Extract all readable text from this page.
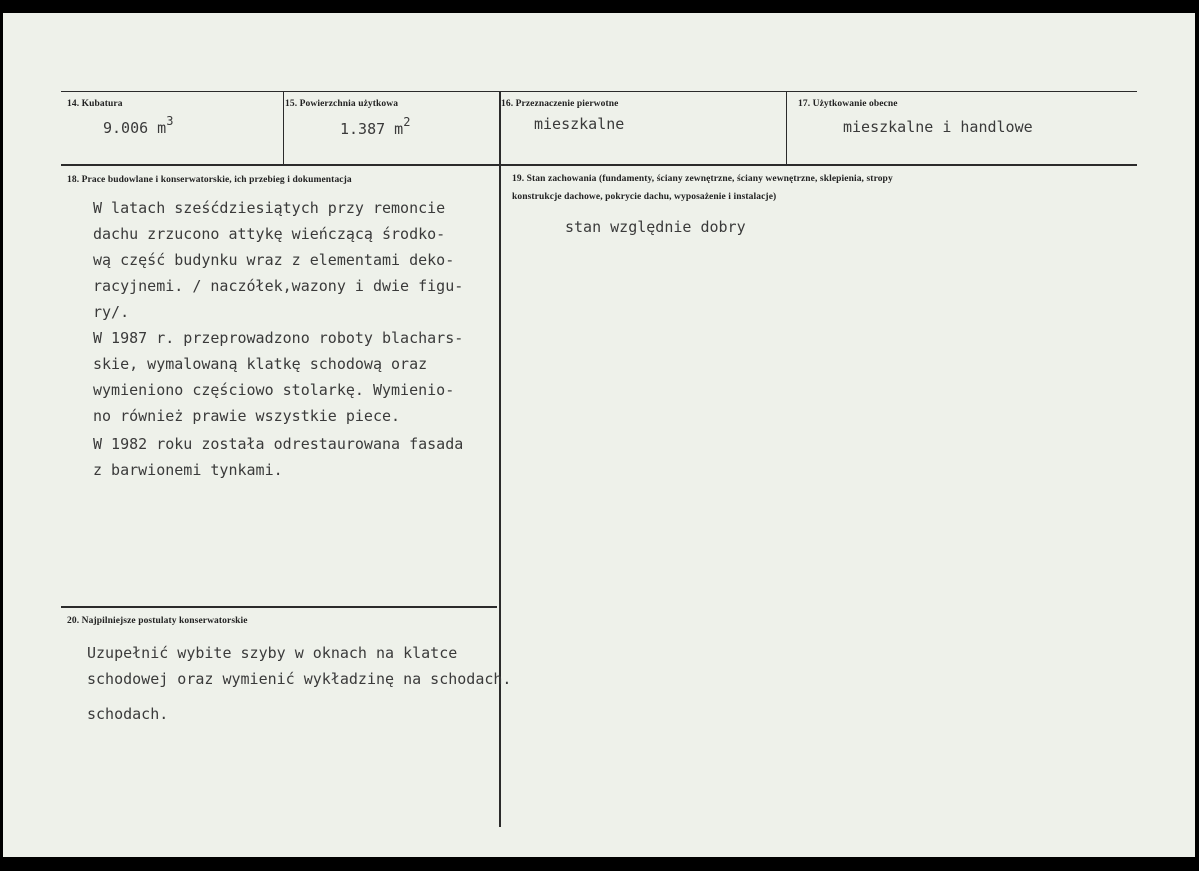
14. Kubatura
9.006 $m^3$
15. Powierzchnia użytkowa
1.387 $m^2$
16. Przeznaczenie pierwotne
mieszkalne
17. Użytkowanie obecne
mieszkalne i handlowe
18. Prace budowlane i konserwatorskie, ich przebieg i dokumentacja
W latach sześćdziesiątych przy remoncie
dachu zrzucono attykę wieńczącą środko-
wą część budynku wraz z elementami deko-
racyjnemi. / naczółek,wazony i dwie figu-
ry/.
W 1987 r. przeprowadzono roboty blachars-
skie, wymalowaną klatkę schodową oraz
wymieniono częściowo stolarkę. Wymienio-
no również prawie wszystkie piece.
W 1982 roku została odrestaurowana fasada
z barwionemi tynkami.
19. Stan zachowania (fundamenty, ściany zewnętrzne, ściany wewnętrzne, sklepienia, stropy
konstrukcje dachowe, pokrycie dachu, wyposażenie i instalacje)
stan względnie dobry
20. Najpilniejsze postulaty konserwatorskie
Uzupełnić wybite szyby w oknach na klatce
schodowej oraz wymienić wykładzinę na schodach.
schodach.
